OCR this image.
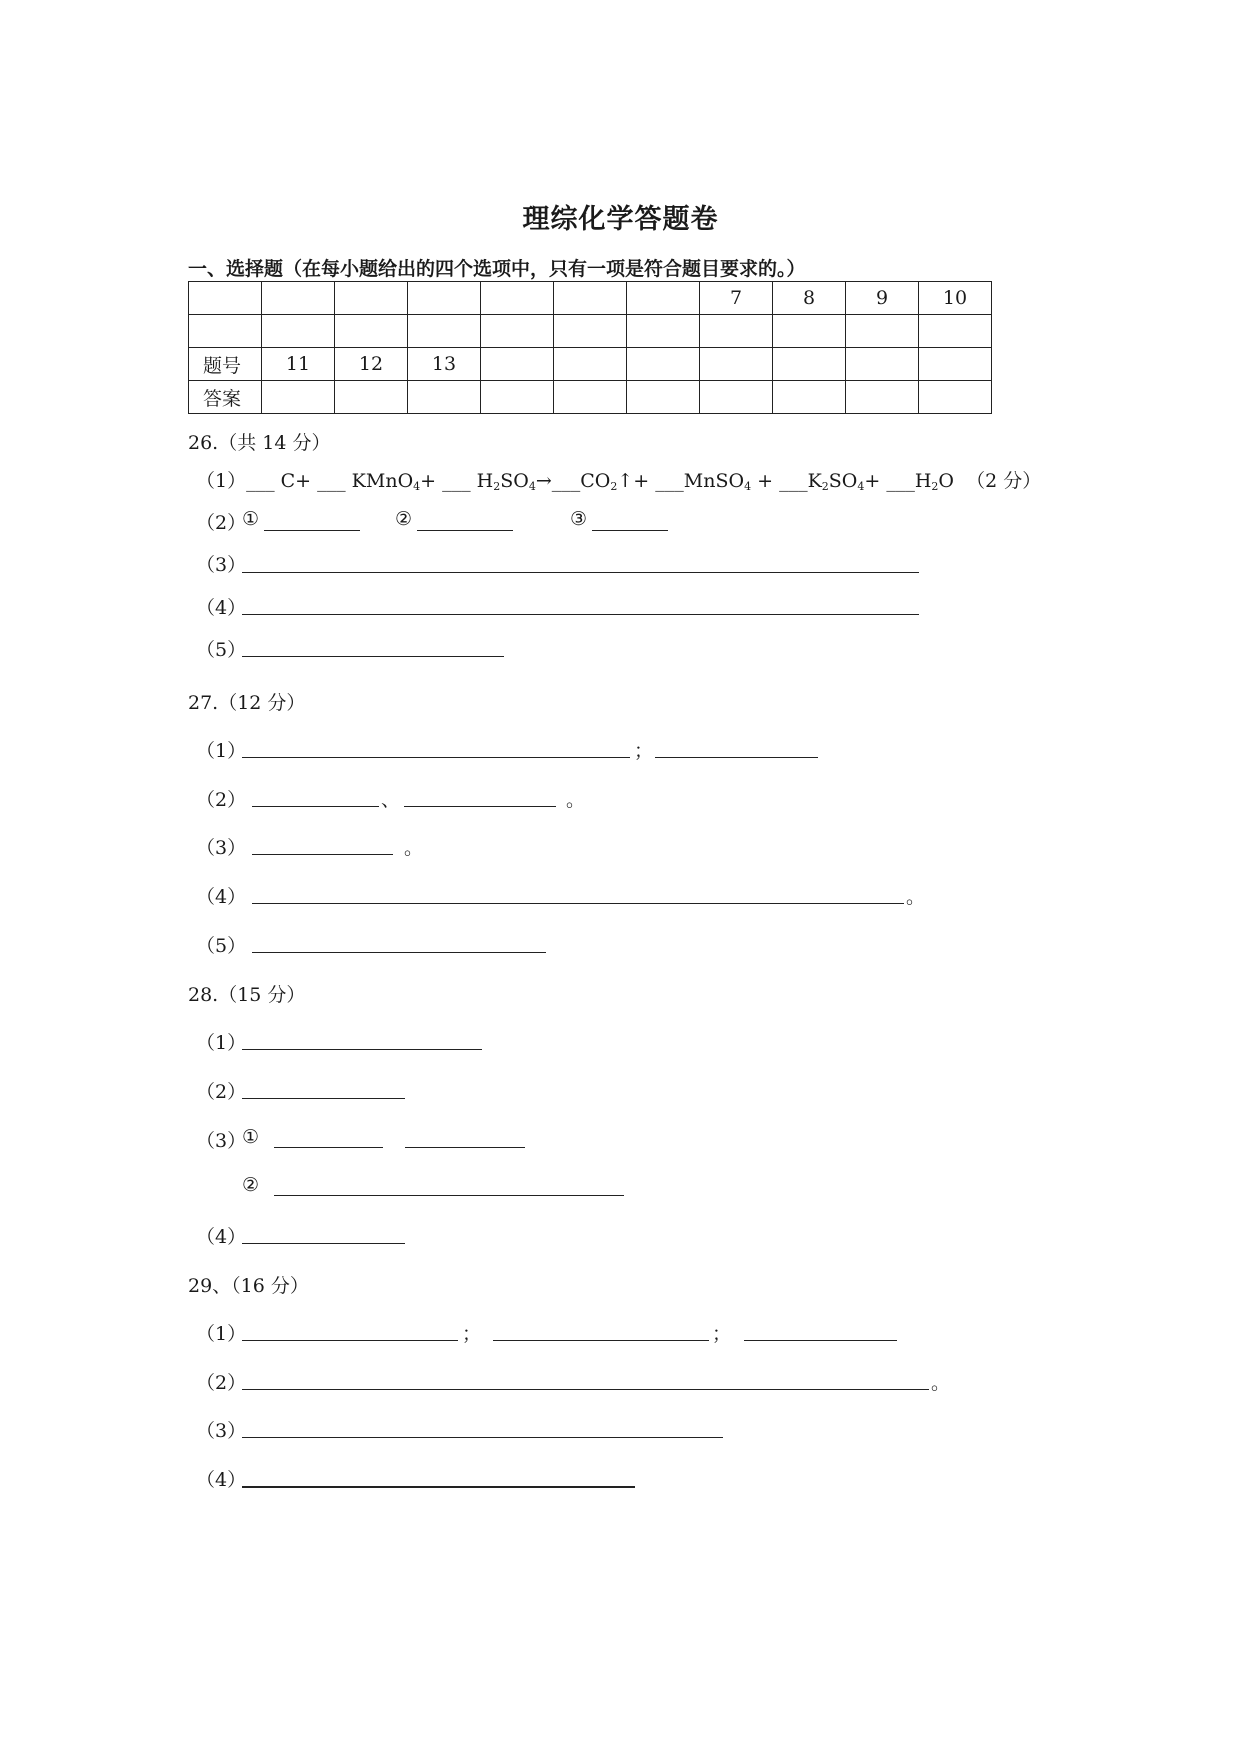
理综化学答题卷
一、选择题（在每小题给出的四个选项中，只有一项是符合题目要求的。）
							7	8	9	10

题号	11	12	13							
答案										
26.（共 14 分）
（1）___ C+ ___ KMnO$_4$+ ___ $H_2SO_4\to\_\_\_CO_2↑+$ ___MnSO$_4$ + $\_\_\_K_2SO_4+$ $\_\_\_H_2O$ （2 分）
（2）
①	②	③
（3）
（4）
（5）
27.（12 分）
（1）	；
（2）	、	。
（3）	。
（4）	。
（5）
28.（15 分）
（1）
（2）
（3）
①
②
（4）
29、（16 分）
（1）	；	；
（2）	。
（3）
（4）
